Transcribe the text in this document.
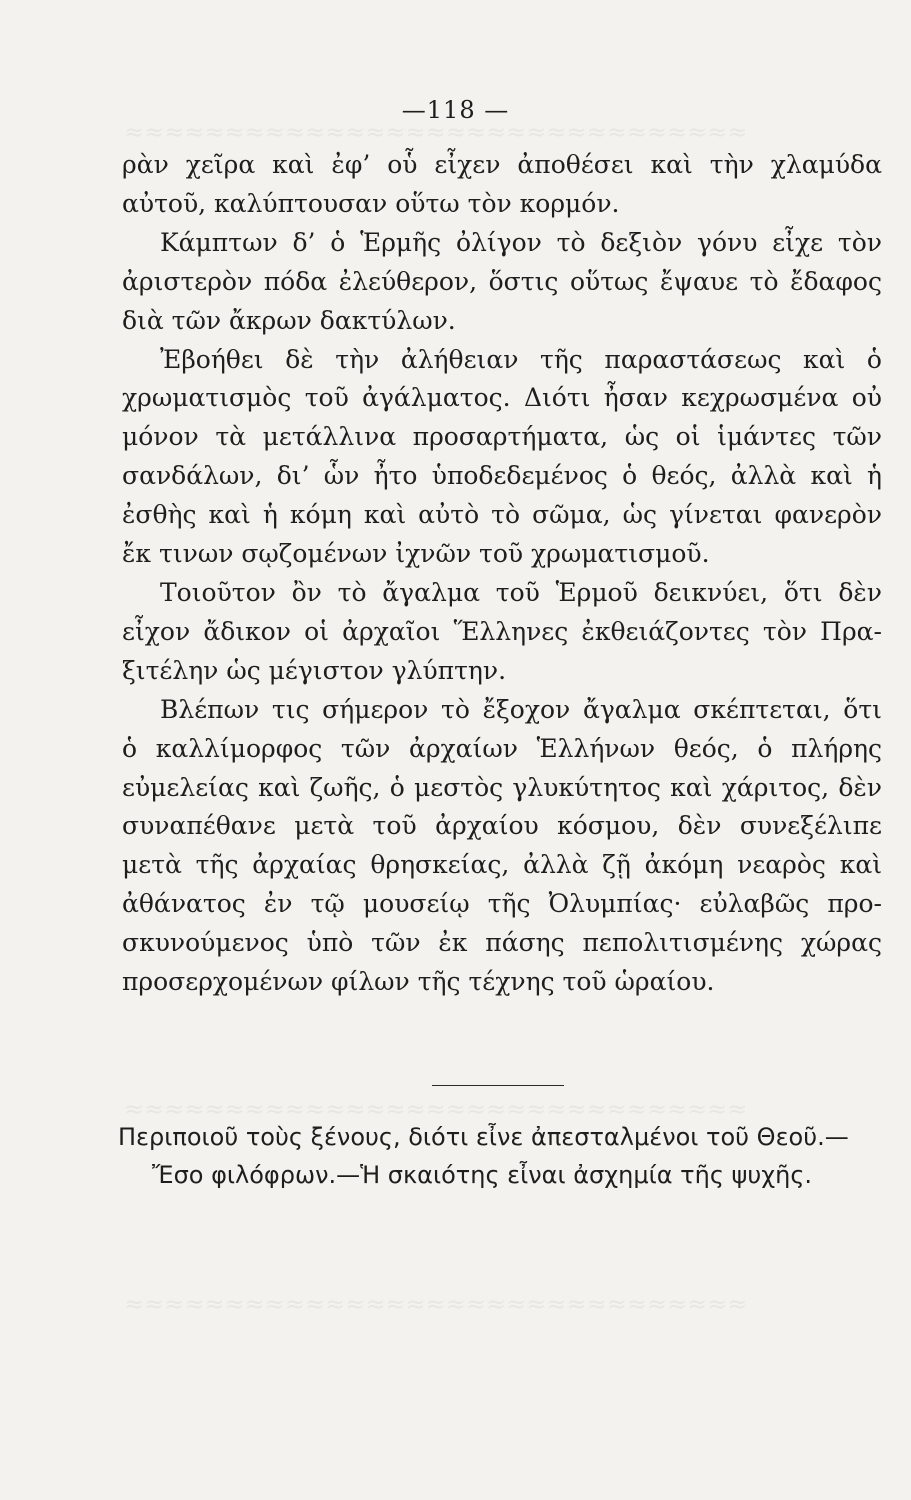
≈≈≈≈≈≈≈≈≈≈≈≈≈≈≈≈≈≈≈≈≈≈≈≈≈≈≈≈≈≈≈
≈≈≈≈≈≈≈≈≈≈≈≈≈≈≈≈≈≈≈≈≈≈≈≈≈≈≈≈≈≈≈
≈≈≈≈≈≈≈≈≈≈≈≈≈≈≈≈≈≈≈≈≈≈≈≈≈≈≈≈≈≈≈
—118 —

ρὰν χεῖρα καὶ ἐφ’ οὗ εἶχεν ἀποθέσει καὶ τὴν χλαμύδα
αὐτοῦ, καλύπτουσαν οὕτω τὸν κορμόν.

Κάμπτων δ’ ὁ Ἑρμῆς ὀλίγον τὸ δεξιὸν γόνυ εἶχε τὸν
ἀριστερὸν πόδα ἐλεύθερον, ὅστις οὕτως ἔψαυε τὸ ἔδαφος
διὰ τῶν ἄκρων δακτύλων.

Ἐβοήθει δὲ τὴν ἀλήθειαν τῆς παραστάσεως καὶ ὁ
χρωματισμὸς τοῦ ἀγάλματος. Διότι ἦσαν κεχρωσμένα οὐ
μόνον τὰ μετάλλινα προσαρτήματα, ὡς οἱ ἱμάντες τῶν
σανδάλων, δι’ ὧν ἦτο ὑποδεδεμένος ὁ θεός, ἀλλὰ καὶ ἡ
ἐσθὴς καὶ ἡ κόμη καὶ αὐτὸ τὸ σῶμα, ὡς γίνεται φανερὸν
ἔκ τινων σῳζομένων ἰχνῶν τοῦ χρωματισμοῦ.

Τοιοῦτον ὂν τὸ ἄγαλμα τοῦ Ἑρμοῦ δεικνύει, ὅτι δὲν
εἶχον ἄδικον οἱ ἀρχαῖοι Ἕλληνες ἐκθειάζοντες τὸν Πρα-
ξιτέλην ὡς μέγιστον γλύπτην.

Βλέπων τις σήμερον τὸ ἔξοχον ἄγαλμα σκέπτεται, ὅτι
ὁ καλλίμορφος τῶν ἀρχαίων Ἑλλήνων θεός, ὁ πλήρης
εὐμελείας καὶ ζωῆς, ὁ μεστὸς γλυκύτητος καὶ χάριτος, δὲν
συναπέθανε μετὰ τοῦ ἀρχαίου κόσμου, δὲν συνεξέλιπε
μετὰ τῆς ἀρχαίας θρησκείας, ἀλλὰ ζῇ ἀκόμη νεαρὸς καὶ
ἀθάνατος ἐν τῷ μουσείῳ τῆς Ὀλυμπίας· εὐλαβῶς προ-
σκυνούμενος ὑπὸ τῶν ἐκ πάσης πεπολιτισμένης χώρας
προσερχομένων φίλων τῆς τέχνης τοῦ ὡραίου.

Περιποιοῦ τοὺς ξένους, διότι εἶνε ἀπεσταλμένοι τοῦ Θεοῦ.—
Ἔσο φιλόφρων.—Ἡ σκαιότης εἶναι ἀσχημία τῆς ψυχῆς.
